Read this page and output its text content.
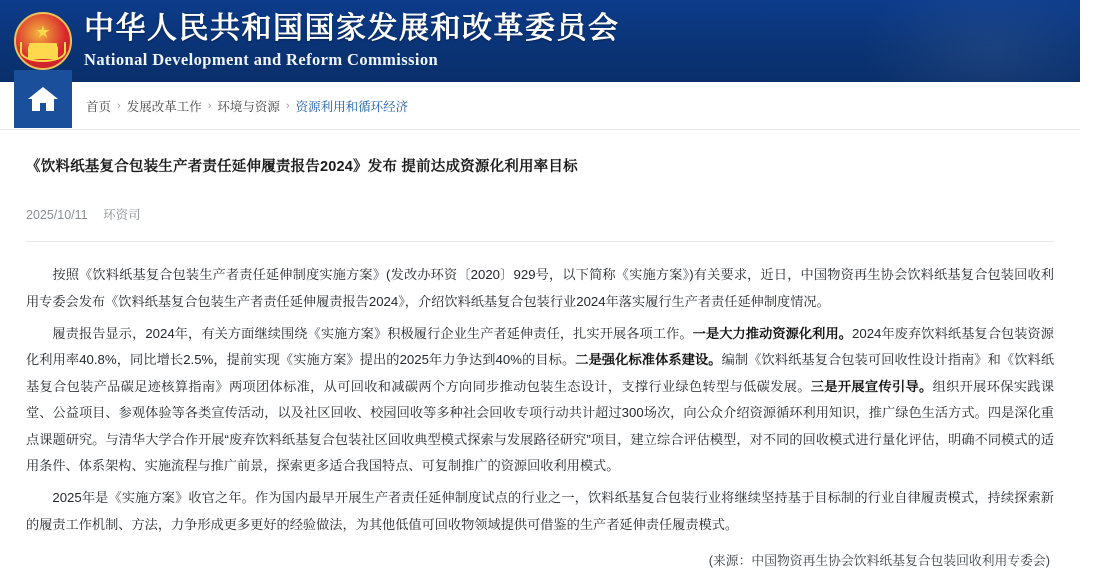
★ 中华人民共和国国家发展和改革委员会
National Development and Reform Commission
首页 › 发展改革工作 › 环境与资源 › 资源利用和循环经济
《饮料纸基复合包装生产者责任延伸履责报告2024》发布 提前达成资源化利用率目标
2025/10/11 环资司

按照《饮料纸基复合包装生产者责任延伸制度实施方案》(发改办环资〔2020〕929号，以下简称《实施方案》)有关要求，近日，中国物资再生协会饮料纸基复合包装回收利用专委会发布《饮料纸基复合包装生产者责任延伸履责报告2024》，介绍饮料纸基复合包装行业2024年落实履行生产者责任延伸制度情况。

履责报告显示，2024年，有关方面继续围绕《实施方案》积极履行企业生产者延伸责任，扎实开展各项工作。一是大力推动资源化利用。2024年废弃饮料纸基复合包装资源化利用率40.8%，同比增长2.5%，提前实现《实施方案》提出的2025年力争达到40%的目标。二是强化标准体系建设。编制《饮料纸基复合包装可回收性设计指南》和《饮料纸基复合包装产品碳足迹核算指南》两项团体标准，从可回收和减碳两个方向同步推动包装生态设计，支撑行业绿色转型与低碳发展。三是开展宣传引导。组织开展环保实践课堂、公益项目、参观体验等各类宣传活动，以及社区回收、校园回收等多种社会回收专项行动共计超过300场次，向公众介绍资源循环利用知识，推广绿色生活方式。四是深化重点课题研究。与清华大学合作开展“废弃饮料纸基复合包装社区回收典型模式探索与发展路径研究”项目，建立综合评估模型，对不同的回收模式进行量化评估，明确不同模式的适用条件、体系架构、实施流程与推广前景，探索更多适合我国特点、可复制推广的资源回收利用模式。

2025年是《实施方案》收官之年。作为国内最早开展生产者责任延伸制度试点的行业之一，饮料纸基复合包装行业将继续坚持基于目标制的行业自律履责模式，持续探索新的履责工作机制、方法，力争形成更多更好的经验做法，为其他低值可回收物领域提供可借鉴的生产者延伸责任履责模式。

(来源：中国物资再生协会饮料纸基复合包装回收利用专委会)
